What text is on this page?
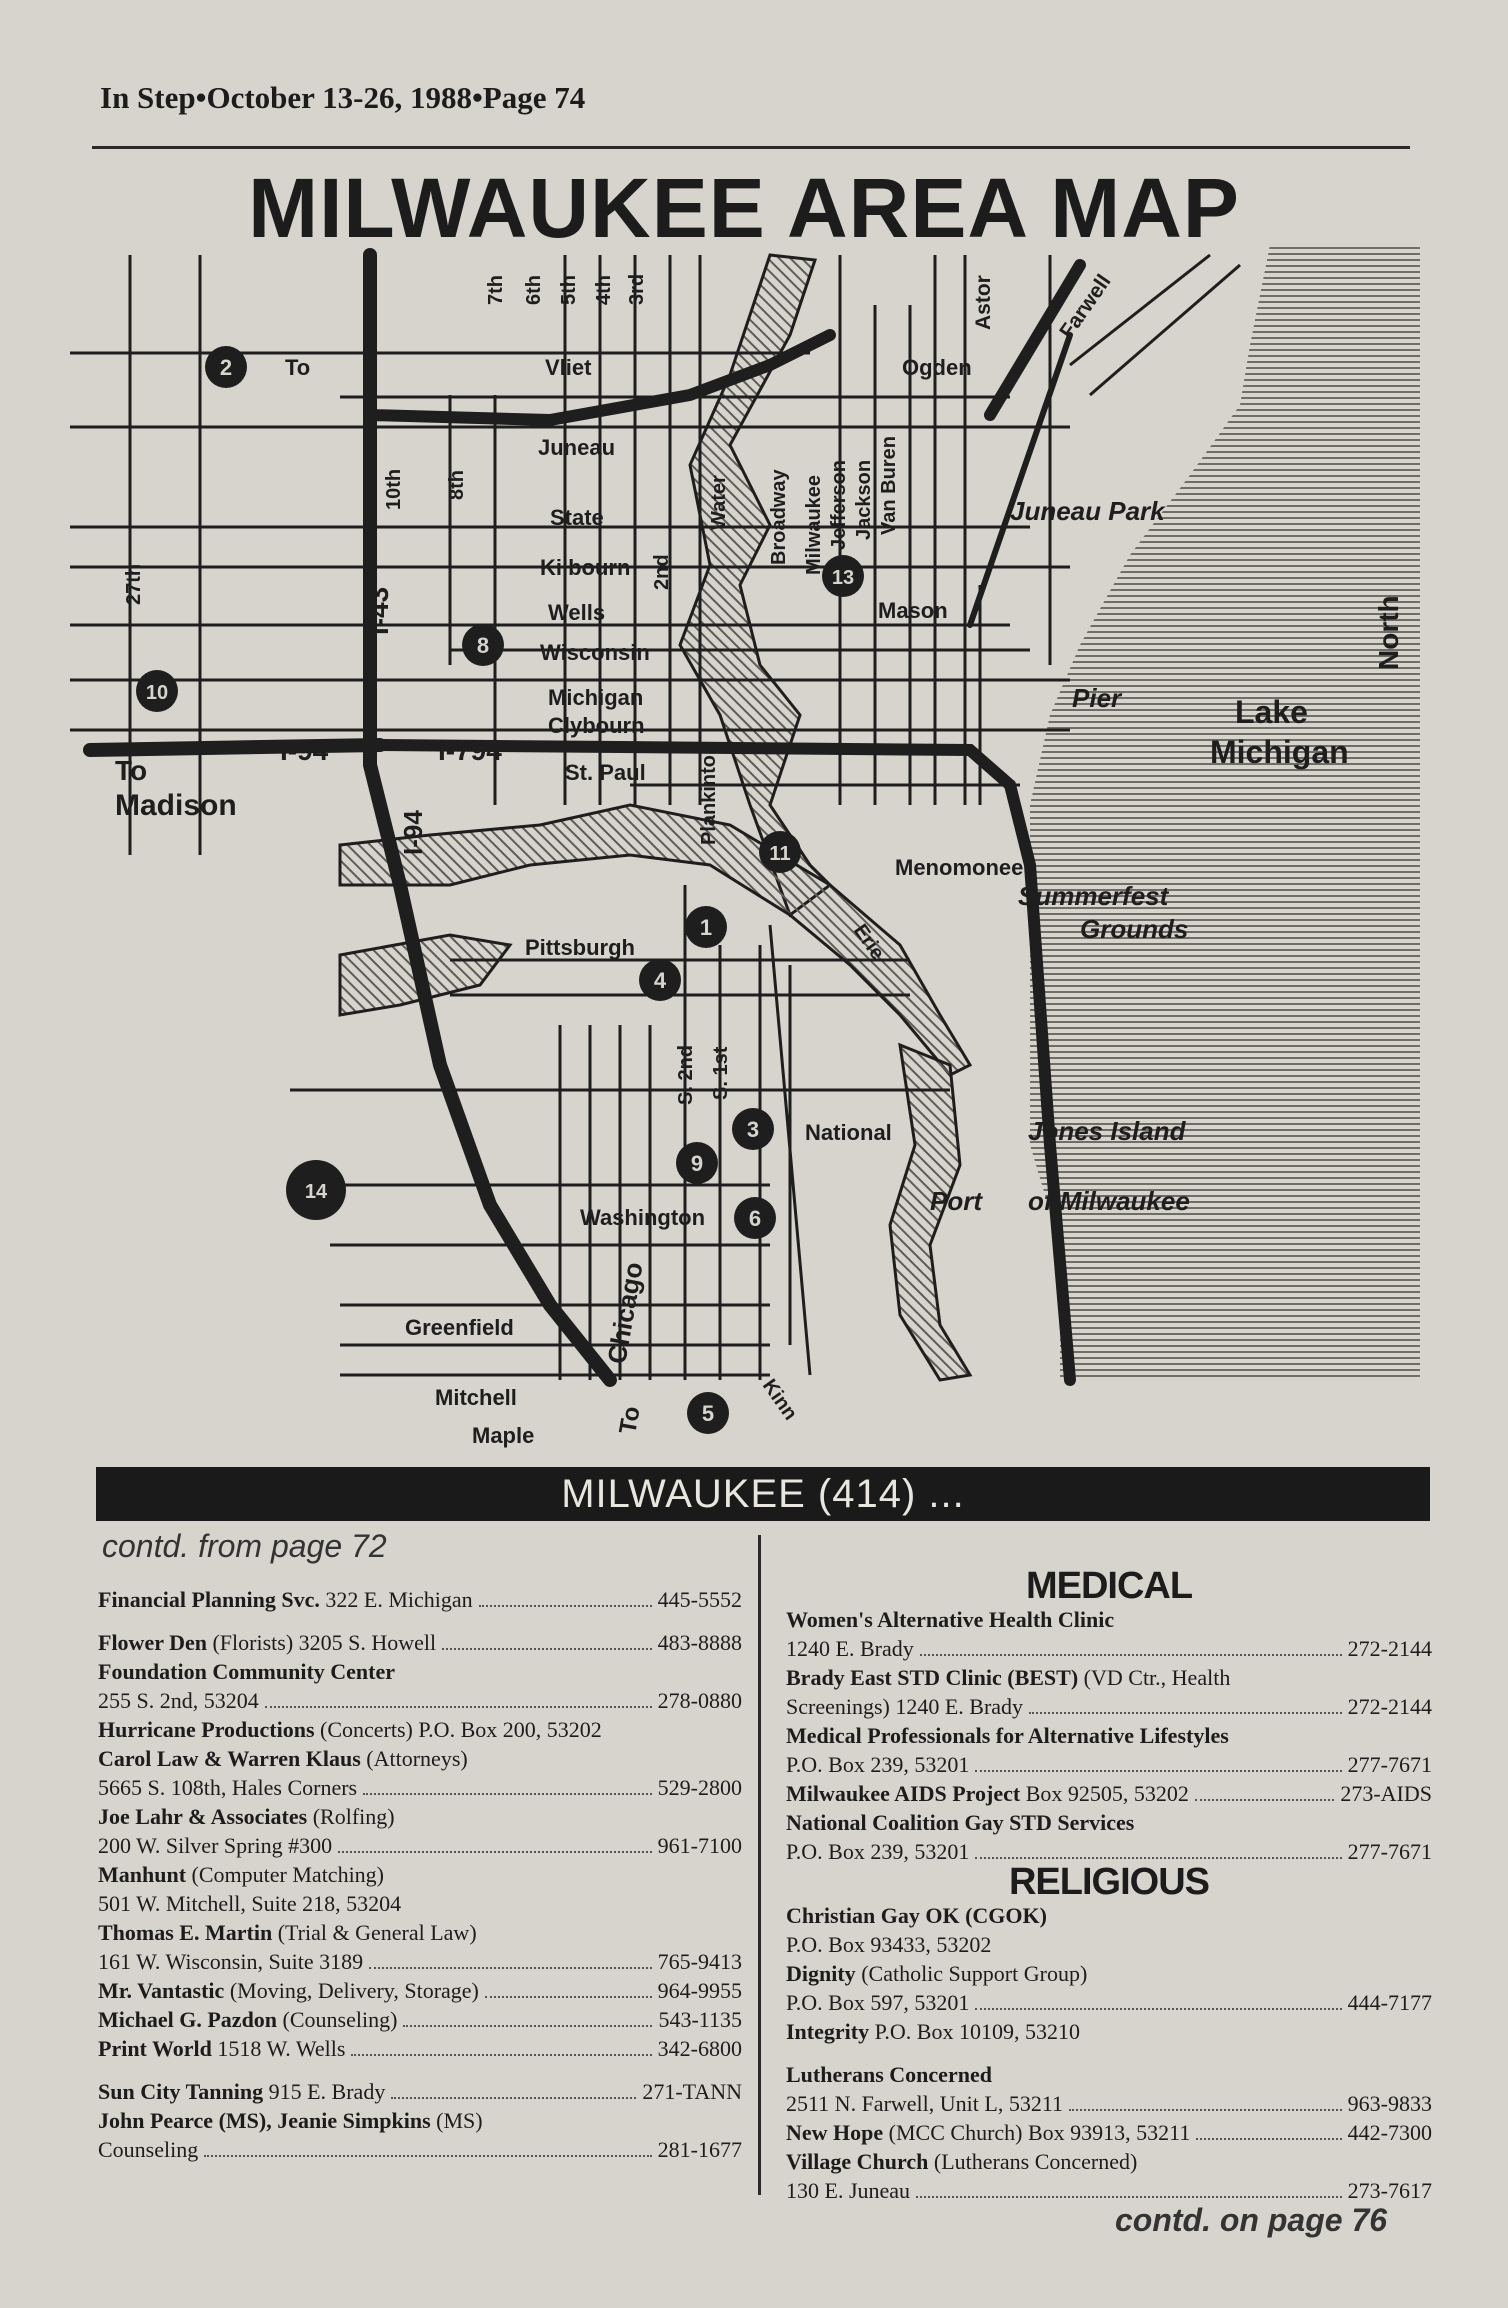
In Step•October 13-26, 1988•Page 74
MILWAUKEE AREA MAP
7th 6th 5th 4th 3rd	Astor	Farwell
Vliet
To	Ogden
Juneau
10th 8th	Water Broadway Milwaukee Jefferson Jackson Van Buren
State
Kilbourn 2nd
Wells
Wisconsin
Mason
27th
Michigan
Clybourn
Plankinton
St. Paul
Menomonee
Pittsburgh	Erie
S. 2nd S. 1st
National
Washington
Chicago
To
Greenfield
Mitchell
Maple
Kinn
I-43
I-94	I-794
I-94
To
Madison
Juneau Park
Pier	Lake
Michigan
North
Summerfest
Grounds
Jones Island
Port of Milwaukee
1
2
3
4
5
6
8
9
10
11
13
14
MILWAUKEE (414) ...
contd. from page 72
Financial Planning Svc. 322 E. Michigan	445-5552
Flower Den (Florists) 3205 S. Howell	483-8888
Foundation Community Center
255 S. 2nd, 53204	278-0880
Hurricane Productions (Concerts) P.O. Box 200, 53202
Carol Law & Warren Klaus (Attorneys)
5665 S. 108th, Hales Corners	529-2800
Joe Lahr & Associates (Rolfing)
200 W. Silver Spring #300	961-7100
Manhunt (Computer Matching)
501 W. Mitchell, Suite 218, 53204
Thomas E. Martin (Trial & General Law)
161 W. Wisconsin, Suite 3189	765-9413
Mr. Vantastic (Moving, Delivery, Storage)	964-9955
Michael G. Pazdon (Counseling)	543-1135
Print World 1518 W. Wells	342-6800
Sun City Tanning 915 E. Brady	271-TANN
John Pearce (MS), Jeanie Simpkins (MS)
Counseling	281-1677
MEDICAL
Women's Alternative Health Clinic
1240 E. Brady	272-2144
Brady East STD Clinic (BEST) (VD Ctr., Health
Screenings) 1240 E. Brady	272-2144
Medical Professionals for Alternative Lifestyles
P.O. Box 239, 53201	277-7671
Milwaukee AIDS Project Box 92505, 53202	273-AIDS
National Coalition Gay STD Services
P.O. Box 239, 53201	277-7671
RELIGIOUS
Christian Gay OK (CGOK)
P.O. Box 93433, 53202
Dignity (Catholic Support Group)
P.O. Box 597, 53201	444-7177
Integrity P.O. Box 10109, 53210
Lutherans Concerned
2511 N. Farwell, Unit L, 53211	963-9833
New Hope (MCC Church) Box 93913, 53211	442-7300
Village Church (Lutherans Concerned)
130 E. Juneau	273-7617
contd. on page 76
